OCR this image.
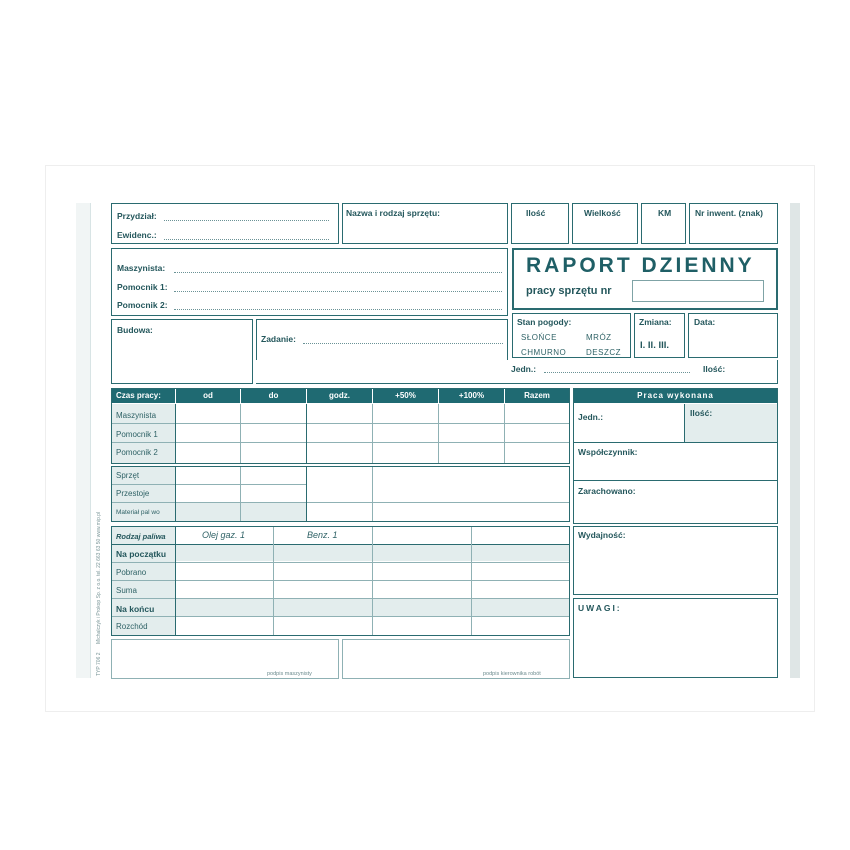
Michalczyk i Prokop Sp. z o.o. tel. 22 663 63 50 www.mip.pl
TYP 706 2
Przydział:
Ewidenc.:
Nazwa i rodzaj sprzętu:	Ilość	Wielkość	KM	Nr inwent. (znak)
Maszynista:
Pomocnik 1:
Pomocnik 2:
RAPORT DZIENNY
pracy sprzętu nr
Budowa:
Zadanie:
Stan pogody:
SŁOŃCE	MRÓZ
CHMURNO DESZCZ
Zmiana:
I. II. III.
Data:
Jedn.:	Ilość:
Czas pracy:	od	do	godz.	+50%	+100%	Razem
Maszynista
Pomocnik 1
Pomocnik 2
Sprzęt
Przestoje
Materiał pal wo
Rodzaj paliwa	Olej gaz. 1	Benz. 1
Na początku
Pobrano
Suma
Na końcu
Rozchód
Praca wykonana
Jedn.:	Ilość:
Współczynnik:
Zarachowano:
Wydajność:
UWAGI:
podpis maszynisty	podpis kierownika robót
